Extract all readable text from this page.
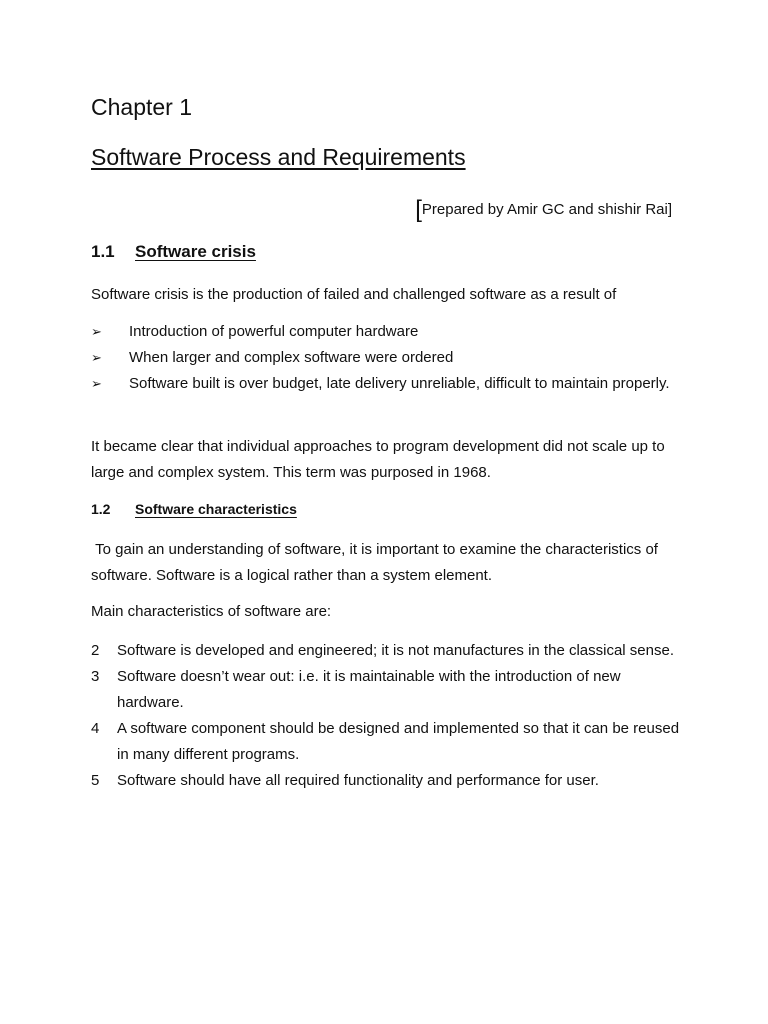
Chapter 1
Software Process and Requirements
[Prepared by Amir GC and shishir Rai]
1.1 Software crisis
Software crisis is the production of failed and challenged software as a result of
➢ Introduction of powerful computer hardware
➢ When larger and complex software were ordered
➢ Software built is over budget, late delivery unreliable, difficult to maintain properly.
It became clear that individual approaches to program development did not scale up to large and complex system. This term was purposed in 1968.
1.2 Software characteristics
To gain an understanding of software, it is important to examine the characteristics of software. Software is a logical rather than a system element.
Main characteristics of software are:
2 Software is developed and engineered; it is not manufactures in the classical sense.
3 Software doesn’t wear out: i.e. it is maintainable with the introduction of new hardware.
4 A software component should be designed and implemented so that it can be reused in many different programs.
5 Software should have all required functionality and performance for user.
